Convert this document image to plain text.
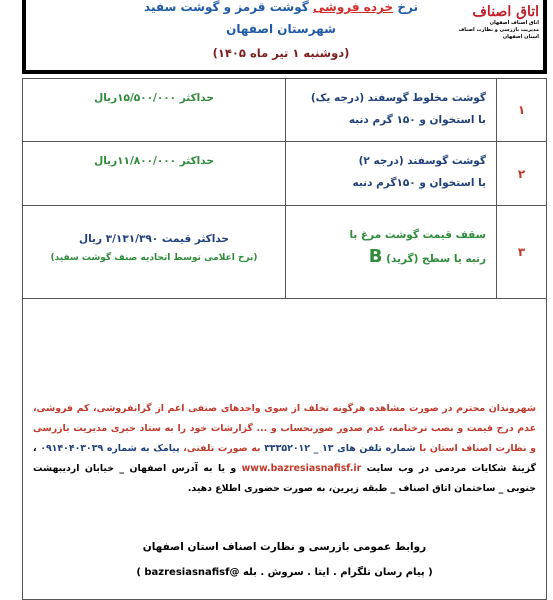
اتاق اصناف
اتاق اصناف اصفهان
مدیریت بازرسی و نظارت اصناف
استان اصفهان
نرخ خرده فروشی گوشت قرمز و گوشت سفید
شهرستان اصفهان
(دوشنبه ۱ تیر ماه ۱۴۰۵)
۱
گوشت مخلوط گوسفند (درجه یک)
با استخوان و ۱۵۰ گرم دنبه
حداکثر ۱۵/۵۰۰/۰۰۰ریال
۲
گوشت گوسفند (درجه ۲)
با استخوان و ۱۵۰گرم دنبه
حداکثر ۱۱/۸۰۰/۰۰۰ریال
۳
سقف قیمت گوشت مرغ با
رتبه یا سطح (گرید) B
حداکثر قیمت ۳/۱۳۱/۳۹۰ ریال
(نرخ اعلامی توسط اتحادیه صنف گوشت سفید)
شهروندان محترم در صورت مشاهده هرگونه تخلف از سوی واحدهای صنفی اعم از گرانفروشی، کم فروشی، عدم درج قیمت و نصب نرخنامه، عدم صدور صورتحساب و ... گزارشات خود را به ستاد خبری مدیریت بازرسی و نظارت اصناف استان با شماره تلفن های ۱۳ _ ۳۳۳۵۲۰۱۲ به صورت تلفنی، پیامک به شماره ۰۹۱۴۰۴۰۳۰۳۹ ، گزینهٔ شکایات مردمی در وب سایت www.bazresiasnafisf.ir و یا به آدرس اصفهان _ خیابان اردیبهشت جنوبی _ ساختمان اتاق اصناف _ طبقه زیرین، به صورت حضوری اطلاع دهید.
روابط عمومی بازرسی و نظارت اصناف استان اصفهان
( پیام رسان تلگرام . ایتا . سروش . بله @bazresiasnafisf )
